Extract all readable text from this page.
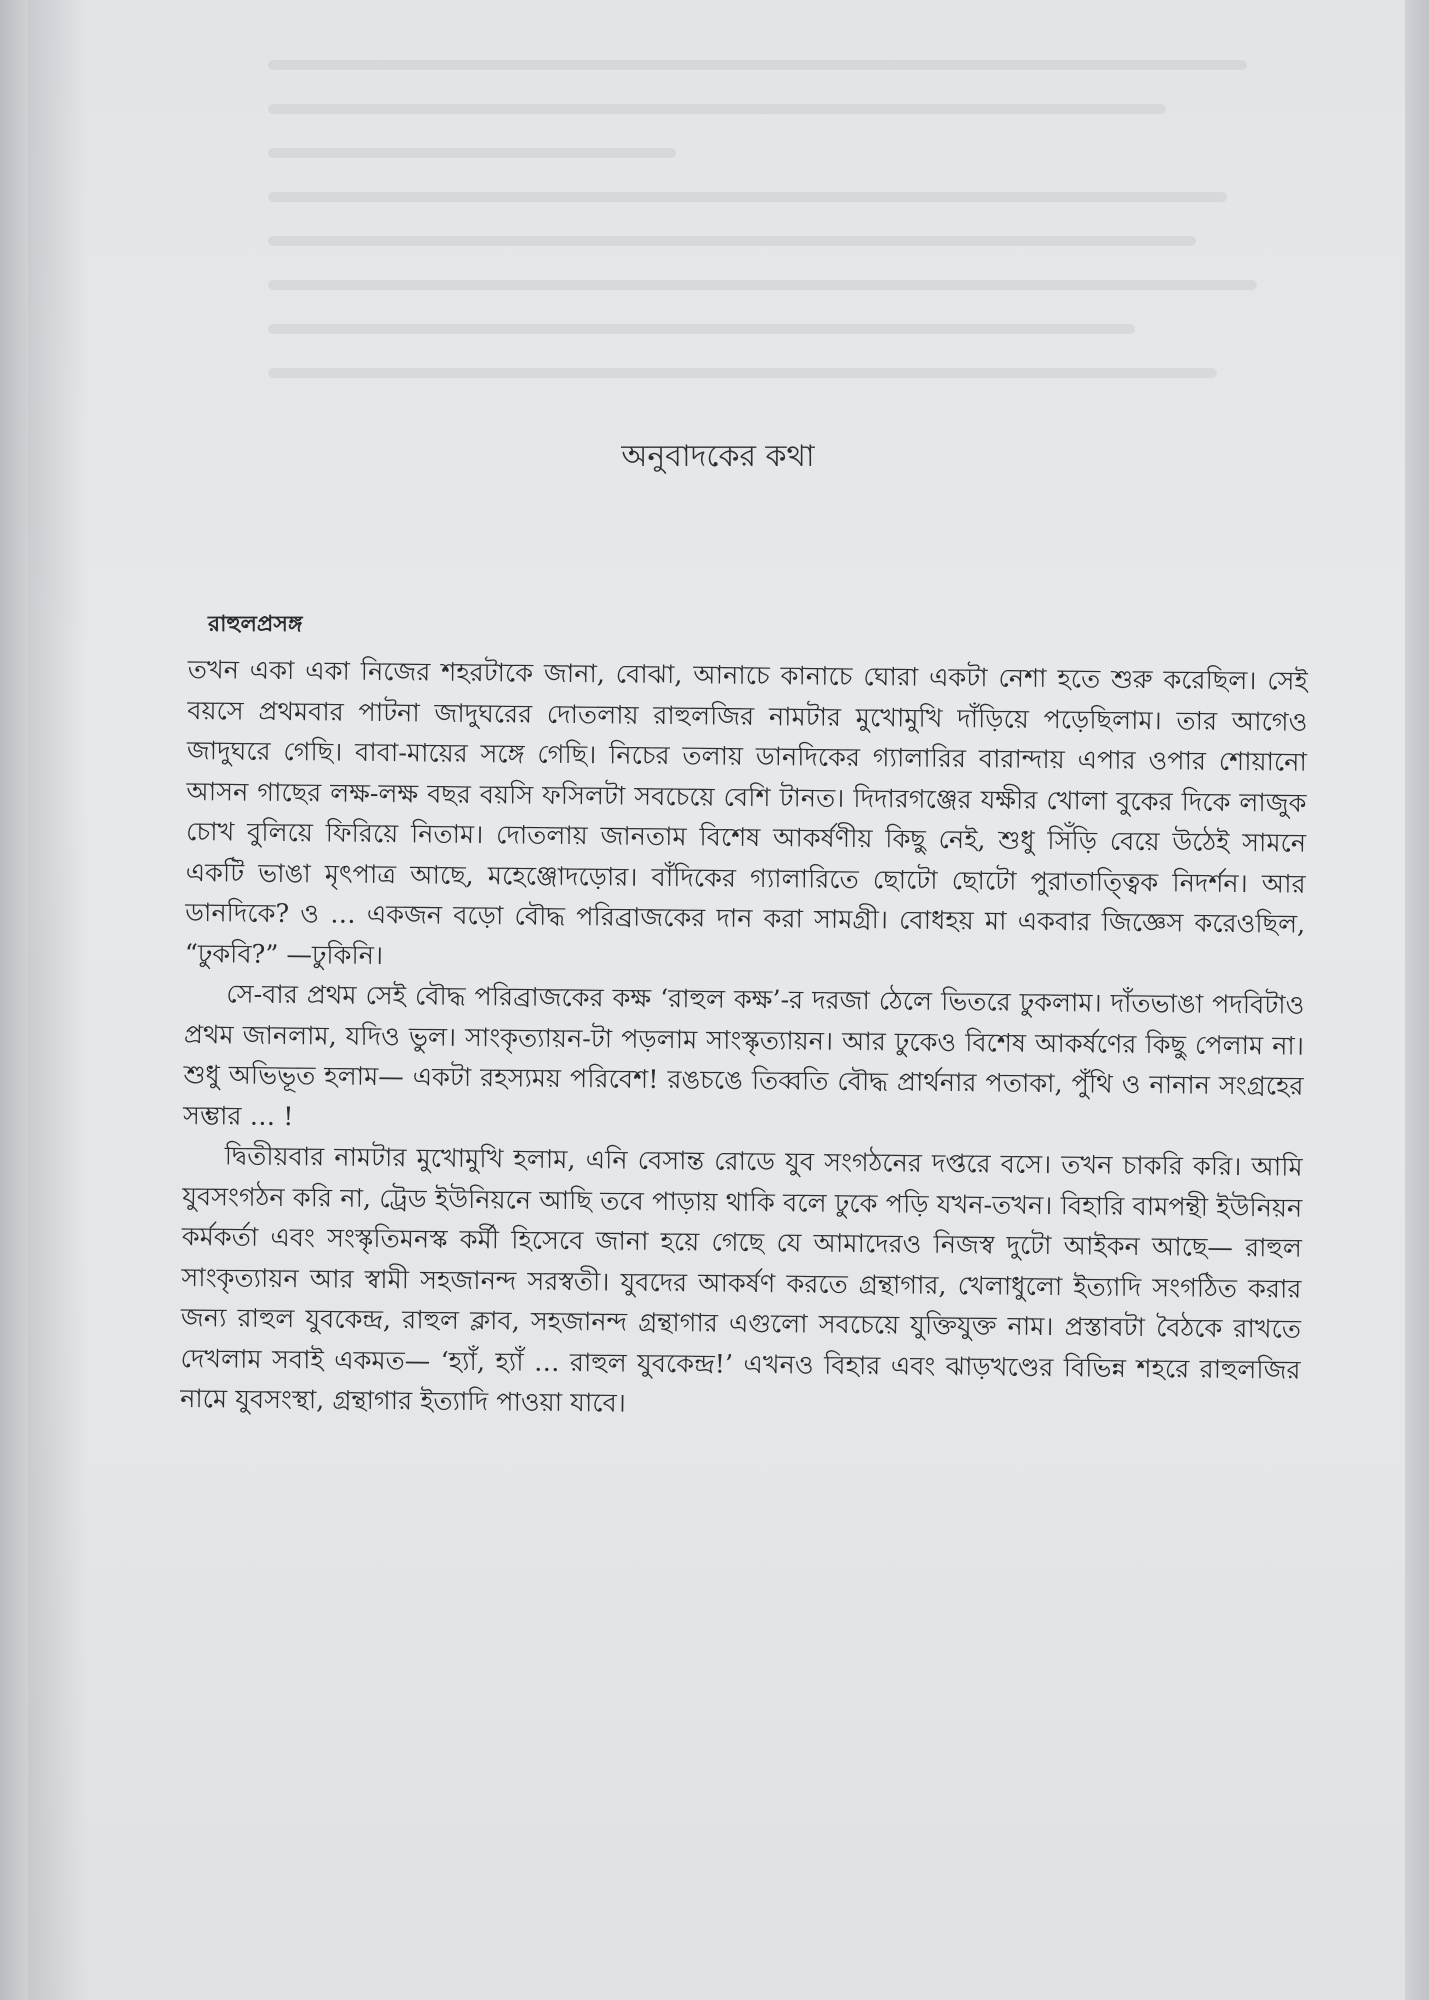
অনুবাদকের কথা
রাহুলপ্রসঙ্গ

তখন একা একা নিজের শহরটাকে জানা, বোঝা, আনাচে কানাচে ঘোরা একটা নেশা হতে শুরু করেছিল। সেই বয়সে প্রথমবার পাটনা জাদুঘরের দোতলায় রাহুলজির নামটার মুখোমুখি দাঁড়িয়ে পড়েছিলাম। তার আগেও জাদুঘরে গেছি। বাবা-মায়ের সঙ্গে গেছি। নিচের তলায় ডানদিকের গ্যালারির বারান্দায় এপার ওপার শোয়ানো আসন গাছের লক্ষ-লক্ষ বছর বয়সি ফসিলটা সবচেয়ে বেশি টানত। দিদারগঞ্জের যক্ষীর খোলা বুকের দিকে লাজুক চোখ বুলিয়ে ফিরিয়ে নিতাম। দোতলায় জানতাম বিশেষ আকর্ষণীয় কিছু নেই, শুধু সিঁড়ি বেয়ে উঠেই সামনে একটি ভাঙা মৃৎপাত্র আছে, মহেঞ্জোদড়োর। বাঁদিকের গ্যালারিতে ছোটো ছোটো পুরাতাত্ত্বিক নিদর্শন। আর ডানদিকে? ও … একজন বড়ো বৌদ্ধ পরিব্রাজকের দান করা সামগ্রী। বোধহয় মা একবার জিজ্ঞেস করেওছিল, “ঢুকবি?” —ঢুকিনি।

সে-বার প্রথম সেই বৌদ্ধ পরিব্রাজকের কক্ষ ‘রাহুল কক্ষ’-র দরজা ঠেলে ভিতরে ঢুকলাম। দাঁতভাঙা পদবিটাও প্রথম জানলাম, যদিও ভুল। সাংকৃত্যায়ন-টা পড়লাম সাংস্কৃত্যায়ন। আর ঢুকেও বিশেষ আকর্ষণের কিছু পেলাম না। শুধু অভিভূত হলাম— একটা রহস্যময় পরিবেশ! রঙচঙে তিব্বতি বৌদ্ধ প্রার্থনার পতাকা, পুঁথি ও নানান সংগ্রহের সম্ভার … !

দ্বিতীয়বার নামটার মুখোমুখি হলাম, এনি বেসান্ত রোডে যুব সংগঠনের দপ্তরে বসে। তখন চাকরি করি। আমি যুবসংগঠন করি না, ট্রেড ইউনিয়নে আছি তবে পাড়ায় থাকি বলে ঢুকে পড়ি যখন-তখন। বিহারি বামপন্থী ইউনিয়ন কর্মকর্তা এবং সংস্কৃতিমনস্ক কর্মী হিসেবে জানা হয়ে গেছে যে আমাদেরও নিজস্ব দুটো আইকন আছে— রাহুল সাংকৃত্যায়ন আর স্বামী সহজানন্দ সরস্বতী। যুবদের আকর্ষণ করতে গ্রন্থাগার, খেলাধুলো ইত্যাদি সংগঠিত করার জন্য রাহুল যুবকেন্দ্র, রাহুল ক্লাব, সহজানন্দ গ্রন্থাগার এগুলো সবচেয়ে যুক্তিযুক্ত নাম। প্রস্তাবটা বৈঠকে রাখতে দেখলাম সবাই একমত— ‘হ্যাঁ, হ্যাঁ … রাহুল যুবকেন্দ্র!’ এখনও বিহার এবং ঝাড়খণ্ডের বিভিন্ন শহরে রাহুলজির নামে যুবসংস্থা, গ্রন্থাগার ইত্যাদি পাওয়া যাবে।
